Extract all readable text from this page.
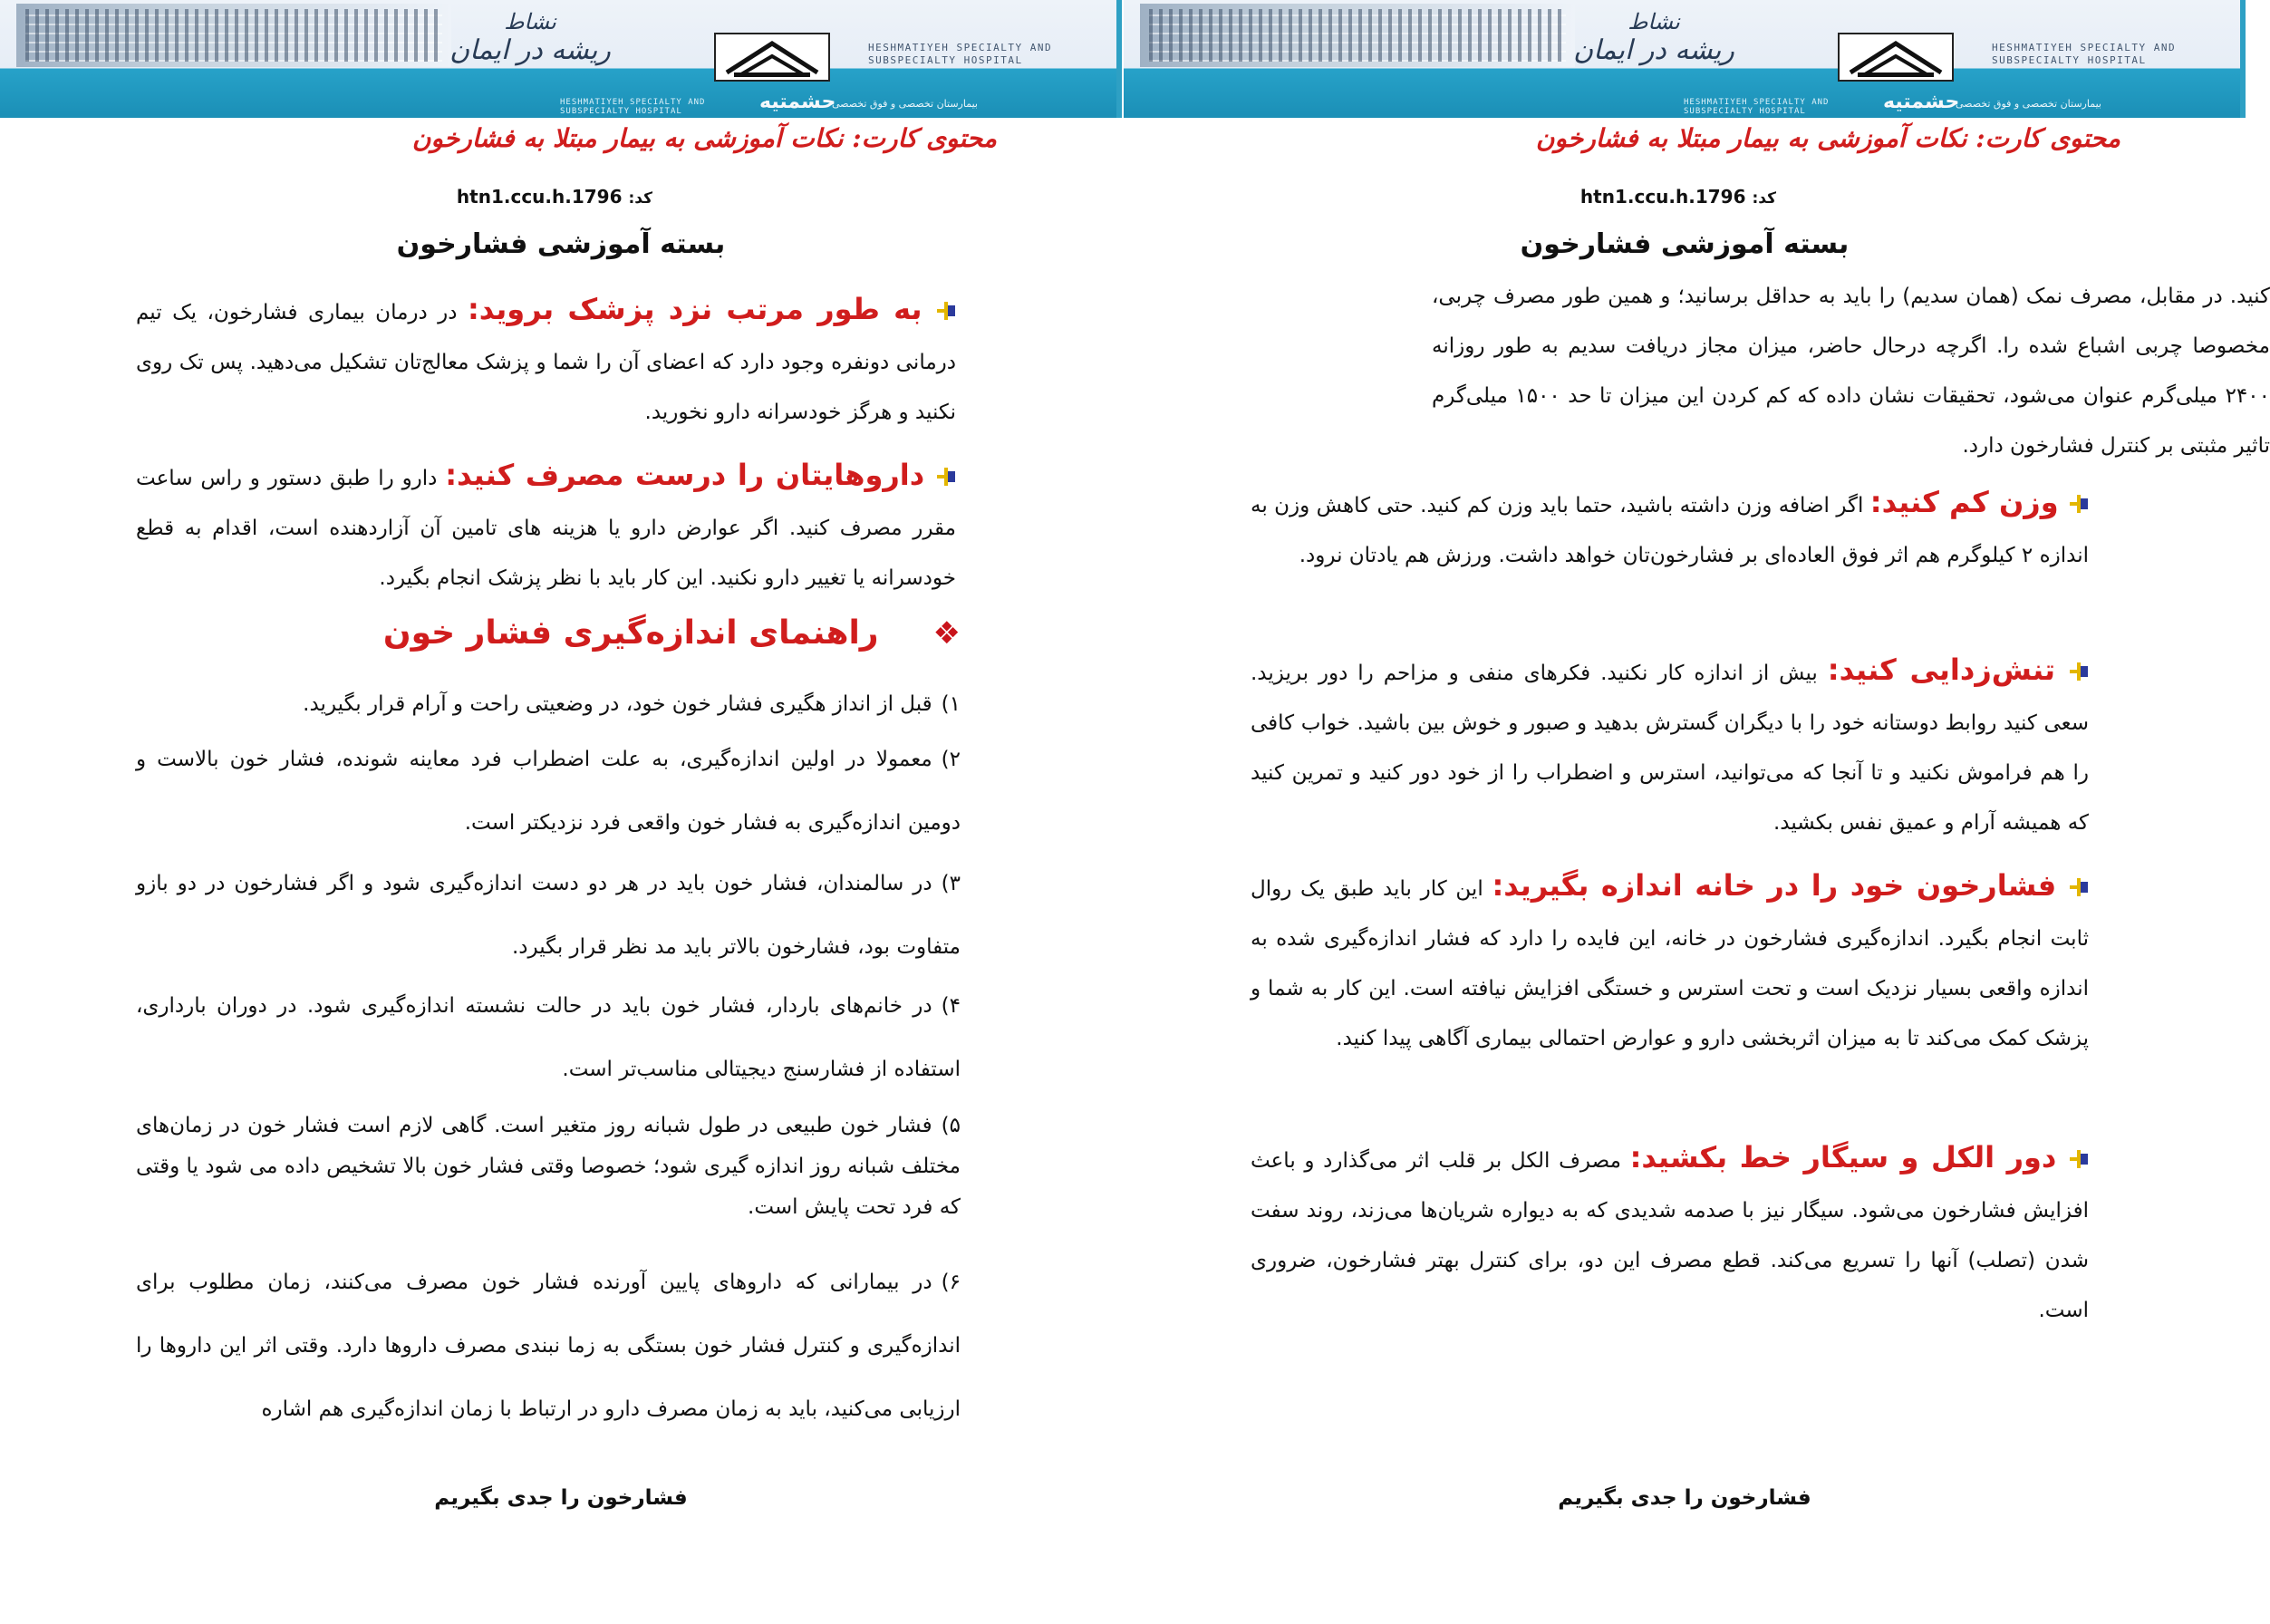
نشاط
ریشه در ایمان	HESHMATIYEH SPECIALTY AND SUBSPECIALTY HOSPITAL
HESHMATIYEH SPECIALTY AND SUBSPECIALTY HOSPITAL	حشمتیه
بیمارستان تخصصی و فوق تخصصی
محتوی کارت: نکات آموزشی به بیمار مبتلا به فشارخون
کد: htn1.ccu.h.1796
بسته آموزشی فشارخون

به طور مرتب نزد پزشک بروید: در درمان بیماری فشارخون، یک تیم درمانی دونفره وجود دارد که اعضای آن را شما و پزشک معالج‌تان تشکیل می‌دهید. پس تک روی نکنید و هرگز خودسرانه دارو نخورید.

داروهایتان را درست مصرف کنید: دارو را طبق دستور و راس ساعت مقرر مصرف کنید. اگر عوارض دارو یا هزینه های تامین آن آزاردهنده است، اقدام به قطع خودسرانه یا تغییر دارو نکنید. این کار باید با نظر پزشک انجام بگیرد.

❖راهنمای اندازه‌گیری فشار خون
۱)قبل از انداز هگیری فشار خون خود، در وضعیتی راحت و آرام قرار بگیرید.
۲)معمولا در اولین اندازه‌گیری، به علت اضطراب فرد معاینه شونده، فشار خون بالاست و دومین اندازه‌گیری به فشار خون واقعی فرد نزدیکتر است.
۳)در سالمندان، فشار خون باید در هر دو دست اندازه‌گیری شود و اگر فشارخون در دو بازو متفاوت بود، فشارخون بالاتر باید مد نظر قرار بگیرد.
۴)در خانم‌های باردار، فشار خون باید در حالت نشسته اندازه‌گیری شود. در دوران بارداری، استفاده از فشارسنج دیجیتالی مناسب‌تر است.
۵)فشار خون طبیعی در طول شبانه روز متغیر است. گاهی لازم است فشار خون در زمان‌های مختلف شبانه روز اندازه گیری شود؛ خصوصا وقتی فشار خون بالا تشخیص داده می شود یا وقتی که فرد تحت پایش است.
۶)در بیمارانی که داروهای پایین آورنده فشار خون مصرف می‌کنند، زمان مطلوب برای اندازه‌گیری و کنترل فشار خون بستگی به زما نبندی مصرف داروها دارد. وقتی اثر این داروها را ارزیابی می‌کنید، باید به زمان مصرف دارو در ارتباط با زمان اندازه‌گیری هم اشاره
فشارخون را جدی بگیریم
نشاط
ریشه در ایمان	HESHMATIYEH SPECIALTY AND SUBSPECIALTY HOSPITAL
HESHMATIYEH SPECIALTY AND SUBSPECIALTY HOSPITAL	حشمتیه
بیمارستان تخصصی و فوق تخصصی
محتوی کارت: نکات آموزشی به بیمار مبتلا به فشارخون
کد: htn1.ccu.h.1796
بسته آموزشی فشارخون

کنید. در مقابل، مصرف نمک (همان سدیم) را باید به حداقل برسانید؛ و همین طور مصرف چربی، مخصوصا چربی اشباع شده را. اگرچه درحال حاضر، میزان مجاز دریافت سدیم به طور روزانه ۲۴۰۰ میلی‌گرم عنوان می‌شود، تحقیقات نشان داده که کم کردن این میزان تا حد ۱۵۰۰ میلی‌گرم تاثیر مثبتی بر کنترل فشارخون دارد.

وزن کم کنید: اگر اضافه وزن داشته باشید، حتما باید وزن کم کنید. حتی کاهش وزن به اندازه ۲ کیلوگرم هم اثر فوق العاده‌ای بر فشارخون‌تان خواهد داشت. ورزش هم یادتان نرود.

تنش‌زدایی کنید: بیش از اندازه کار نکنید. فکرهای منفی و مزاحم را دور بریزید. سعی کنید روابط دوستانه خود را با دیگران گسترش بدهید و صبور و خوش بین باشید. خواب کافی را هم فراموش نکنید و تا آنجا که می‌توانید، استرس و اضطراب را از خود دور کنید و تمرین کنید که همیشه آرام و عمیق نفس بکشید.

فشارخون خود را در خانه اندازه بگیرید: این کار باید طبق یک روال ثابت انجام بگیرد. اندازه‌گیری فشارخون در خانه، این فایده را دارد که فشار اندازه‌گیری شده به اندازه واقعی بسیار نزدیک است و تحت استرس و خستگی افزایش نیافته است. این کار به شما و پزشک کمک می‌کند تا به میزان اثربخشی دارو و عوارض احتمالی بیماری آگاهی پیدا کنید.

دور الکل و سیگار خط بکشید: مصرف الکل بر قلب اثر می‌گذارد و باعث افزایش فشارخون می‌شود. سیگار نیز با صدمه شدیدی که به دیواره شریان‌ها می‌زند، روند سفت شدن (تصلب) آنها را تسریع می‌کند. قطع مصرف این دو، برای کنترل بهتر فشارخون، ضروری است.

فشارخون را جدی بگیریم
